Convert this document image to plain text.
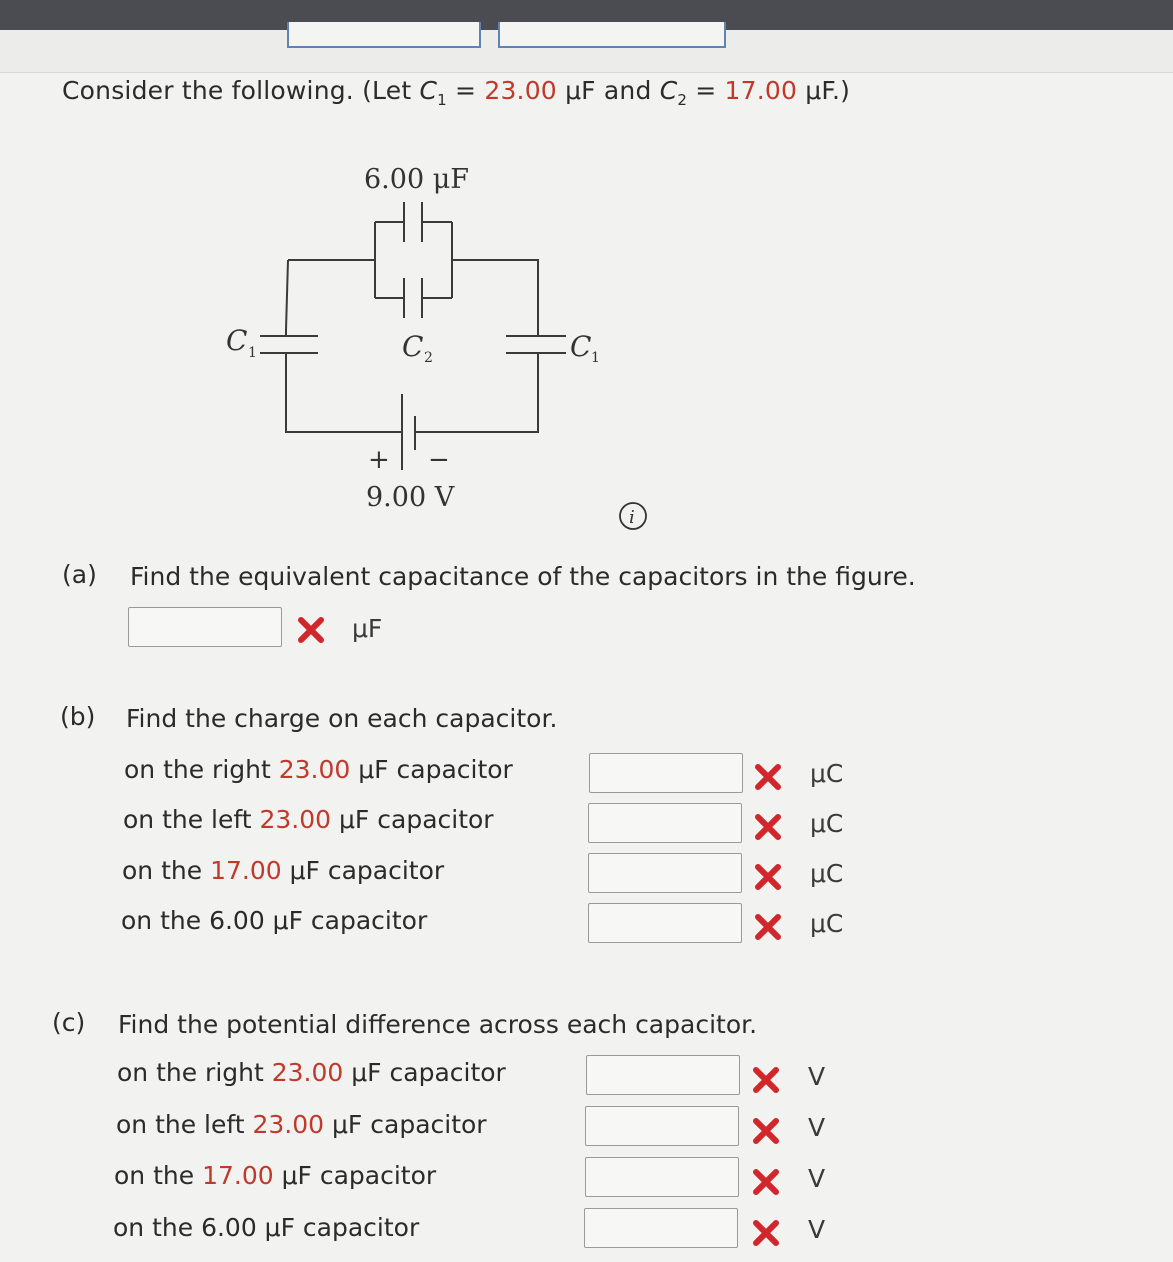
Consider the following. (Let $C_1 = 23.00$ μF and $C_2 = 17.00$ μF.)
6.00 μF
C 1	C 2	C 1
+ −
9.00 V
i
(a) Find the equivalent capacitance of the capacitors in the figure.
μF
(b) Find the charge on each capacitor.
on the right 23.00 μF capacitor
on the left 23.00 μF capacitor
on the 17.00 μF capacitor
on the 6.00 μF capacitor
μC
μC
μC
μC
(c) Find the potential difference across each capacitor.
on the right 23.00 μF capacitor
on the left 23.00 μF capacitor
on the 17.00 μF capacitor
on the 6.00 μF capacitor
V
V
V
V
